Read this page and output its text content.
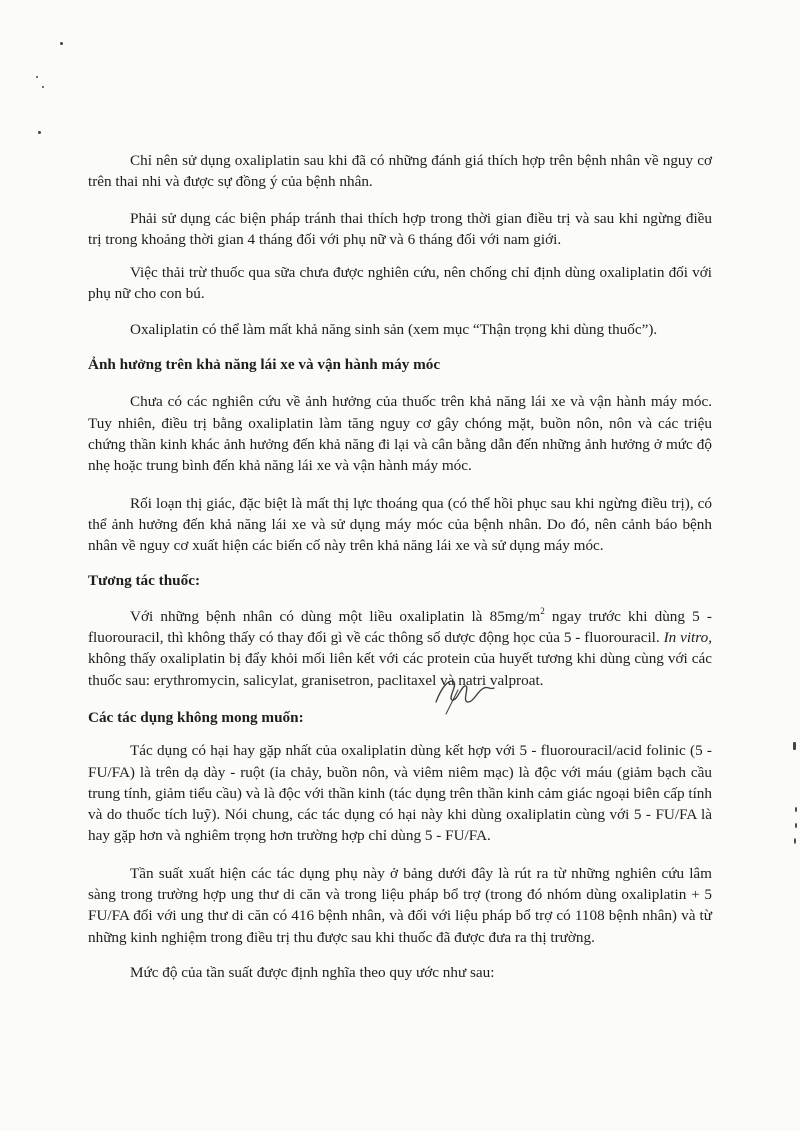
Chỉ nên sử dụng oxaliplatin sau khi đã có những đánh giá thích hợp trên bệnh nhân về nguy cơ trên thai nhi và được sự đồng ý của bệnh nhân.

Phải sử dụng các biện pháp tránh thai thích hợp trong thời gian điều trị và sau khi ngừng điều trị trong khoảng thời gian 4 tháng đối với phụ nữ và 6 tháng đối với nam giới.

Việc thải trừ thuốc qua sữa chưa được nghiên cứu, nên chống chỉ định dùng oxaliplatin đối với phụ nữ cho con bú.

Oxaliplatin có thể làm mất khả năng sinh sản (xem mục “Thận trọng khi dùng thuốc”).

Ảnh hưởng trên khả năng lái xe và vận hành máy móc

Chưa có các nghiên cứu về ảnh hưởng của thuốc trên khả năng lái xe và vận hành máy móc. Tuy nhiên, điều trị bằng oxaliplatin làm tăng nguy cơ gây chóng mặt, buồn nôn, nôn và các triệu chứng thần kinh khác ảnh hưởng đến khả năng đi lại và cân bằng dẫn đến những ảnh hưởng ở mức độ nhẹ hoặc trung bình đến khả năng lái xe và vận hành máy móc.

Rối loạn thị giác, đặc biệt là mất thị lực thoáng qua (có thể hồi phục sau khi ngừng điều trị), có thể ảnh hưởng đến khả năng lái xe và sử dụng máy móc của bệnh nhân. Do đó, nên cảnh báo bệnh nhân về nguy cơ xuất hiện các biến cố này trên khả năng lái xe và sử dụng máy móc.

Tương tác thuốc:

Với những bệnh nhân có dùng một liều oxaliplatin là $85mg/m^2$ ngay trước khi dùng 5 - fluorouracil, thì không thấy có thay đổi gì về các thông số dược động học của 5 - fluorouracil. In vitro, không thấy oxaliplatin bị đẩy khỏi mối liên kết với các protein của huyết tương khi dùng cùng với các thuốc sau: erythromycin, salicylat, granisetron, paclitaxel và natri valproat.

Các tác dụng không mong muốn:

Tác dụng có hại hay gặp nhất của oxaliplatin dùng kết hợp với 5 - fluorouracil/acid folinic (5 - FU/FA) là trên dạ dày - ruột (ỉa chảy, buồn nôn, và viêm niêm mạc) là độc với máu (giảm bạch cầu trung tính, giảm tiểu cầu) và là độc với thần kinh (tác dụng trên thần kinh cảm giác ngoại biên cấp tính và do thuốc tích luỹ). Nói chung, các tác dụng có hại này khi dùng oxaliplatin cùng với 5 - FU/FA là hay gặp hơn và nghiêm trọng hơn trường hợp chỉ dùng 5 - FU/FA.

Tần suất xuất hiện các tác dụng phụ này ở bảng dưới đây là rút ra từ những nghiên cứu lâm sàng trong trường hợp ung thư di căn và trong liệu pháp bổ trợ (trong đó nhóm dùng oxaliplatin + 5 FU/FA đối với ung thư di căn có 416 bệnh nhân, và đối với liệu pháp bổ trợ có 1108 bệnh nhân) và từ những kinh nghiệm trong điều trị thu được sau khi thuốc đã được đưa ra thị trường.

Mức độ của tần suất được định nghĩa theo quy ước như sau:
